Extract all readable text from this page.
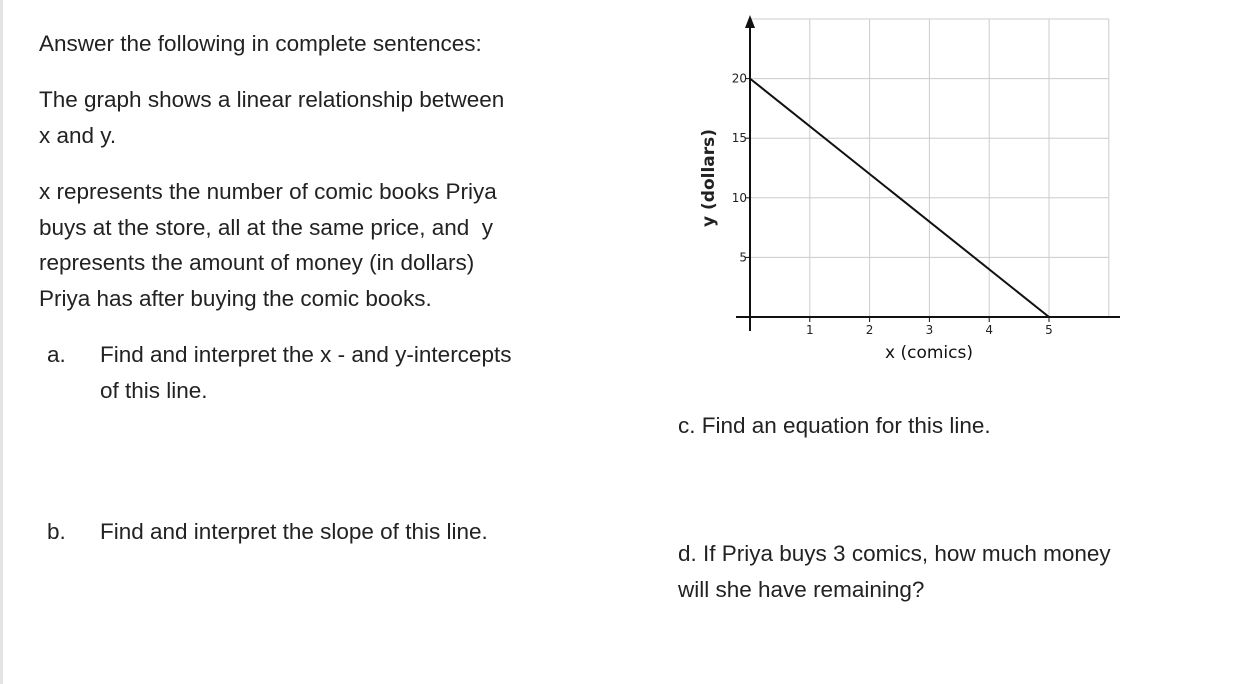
Answer the following in complete sentences:

The graph shows a linear relationship between
x and y.
x represents the number of comic books Priya
buys at the store, all at the same price, and  y
represents the amount of money (in dollars)
Priya has after buying the comic books.
a. Find and interpret the x - and y-intercepts
of this line.
b. Find and interpret the slope of this line.
c. Find an equation for this line.
d. If Priya buys 3 comics, how much money
will she have remaining?
1	2	3	4	5
5
10
15
20
x (comics)
y (dollars)
